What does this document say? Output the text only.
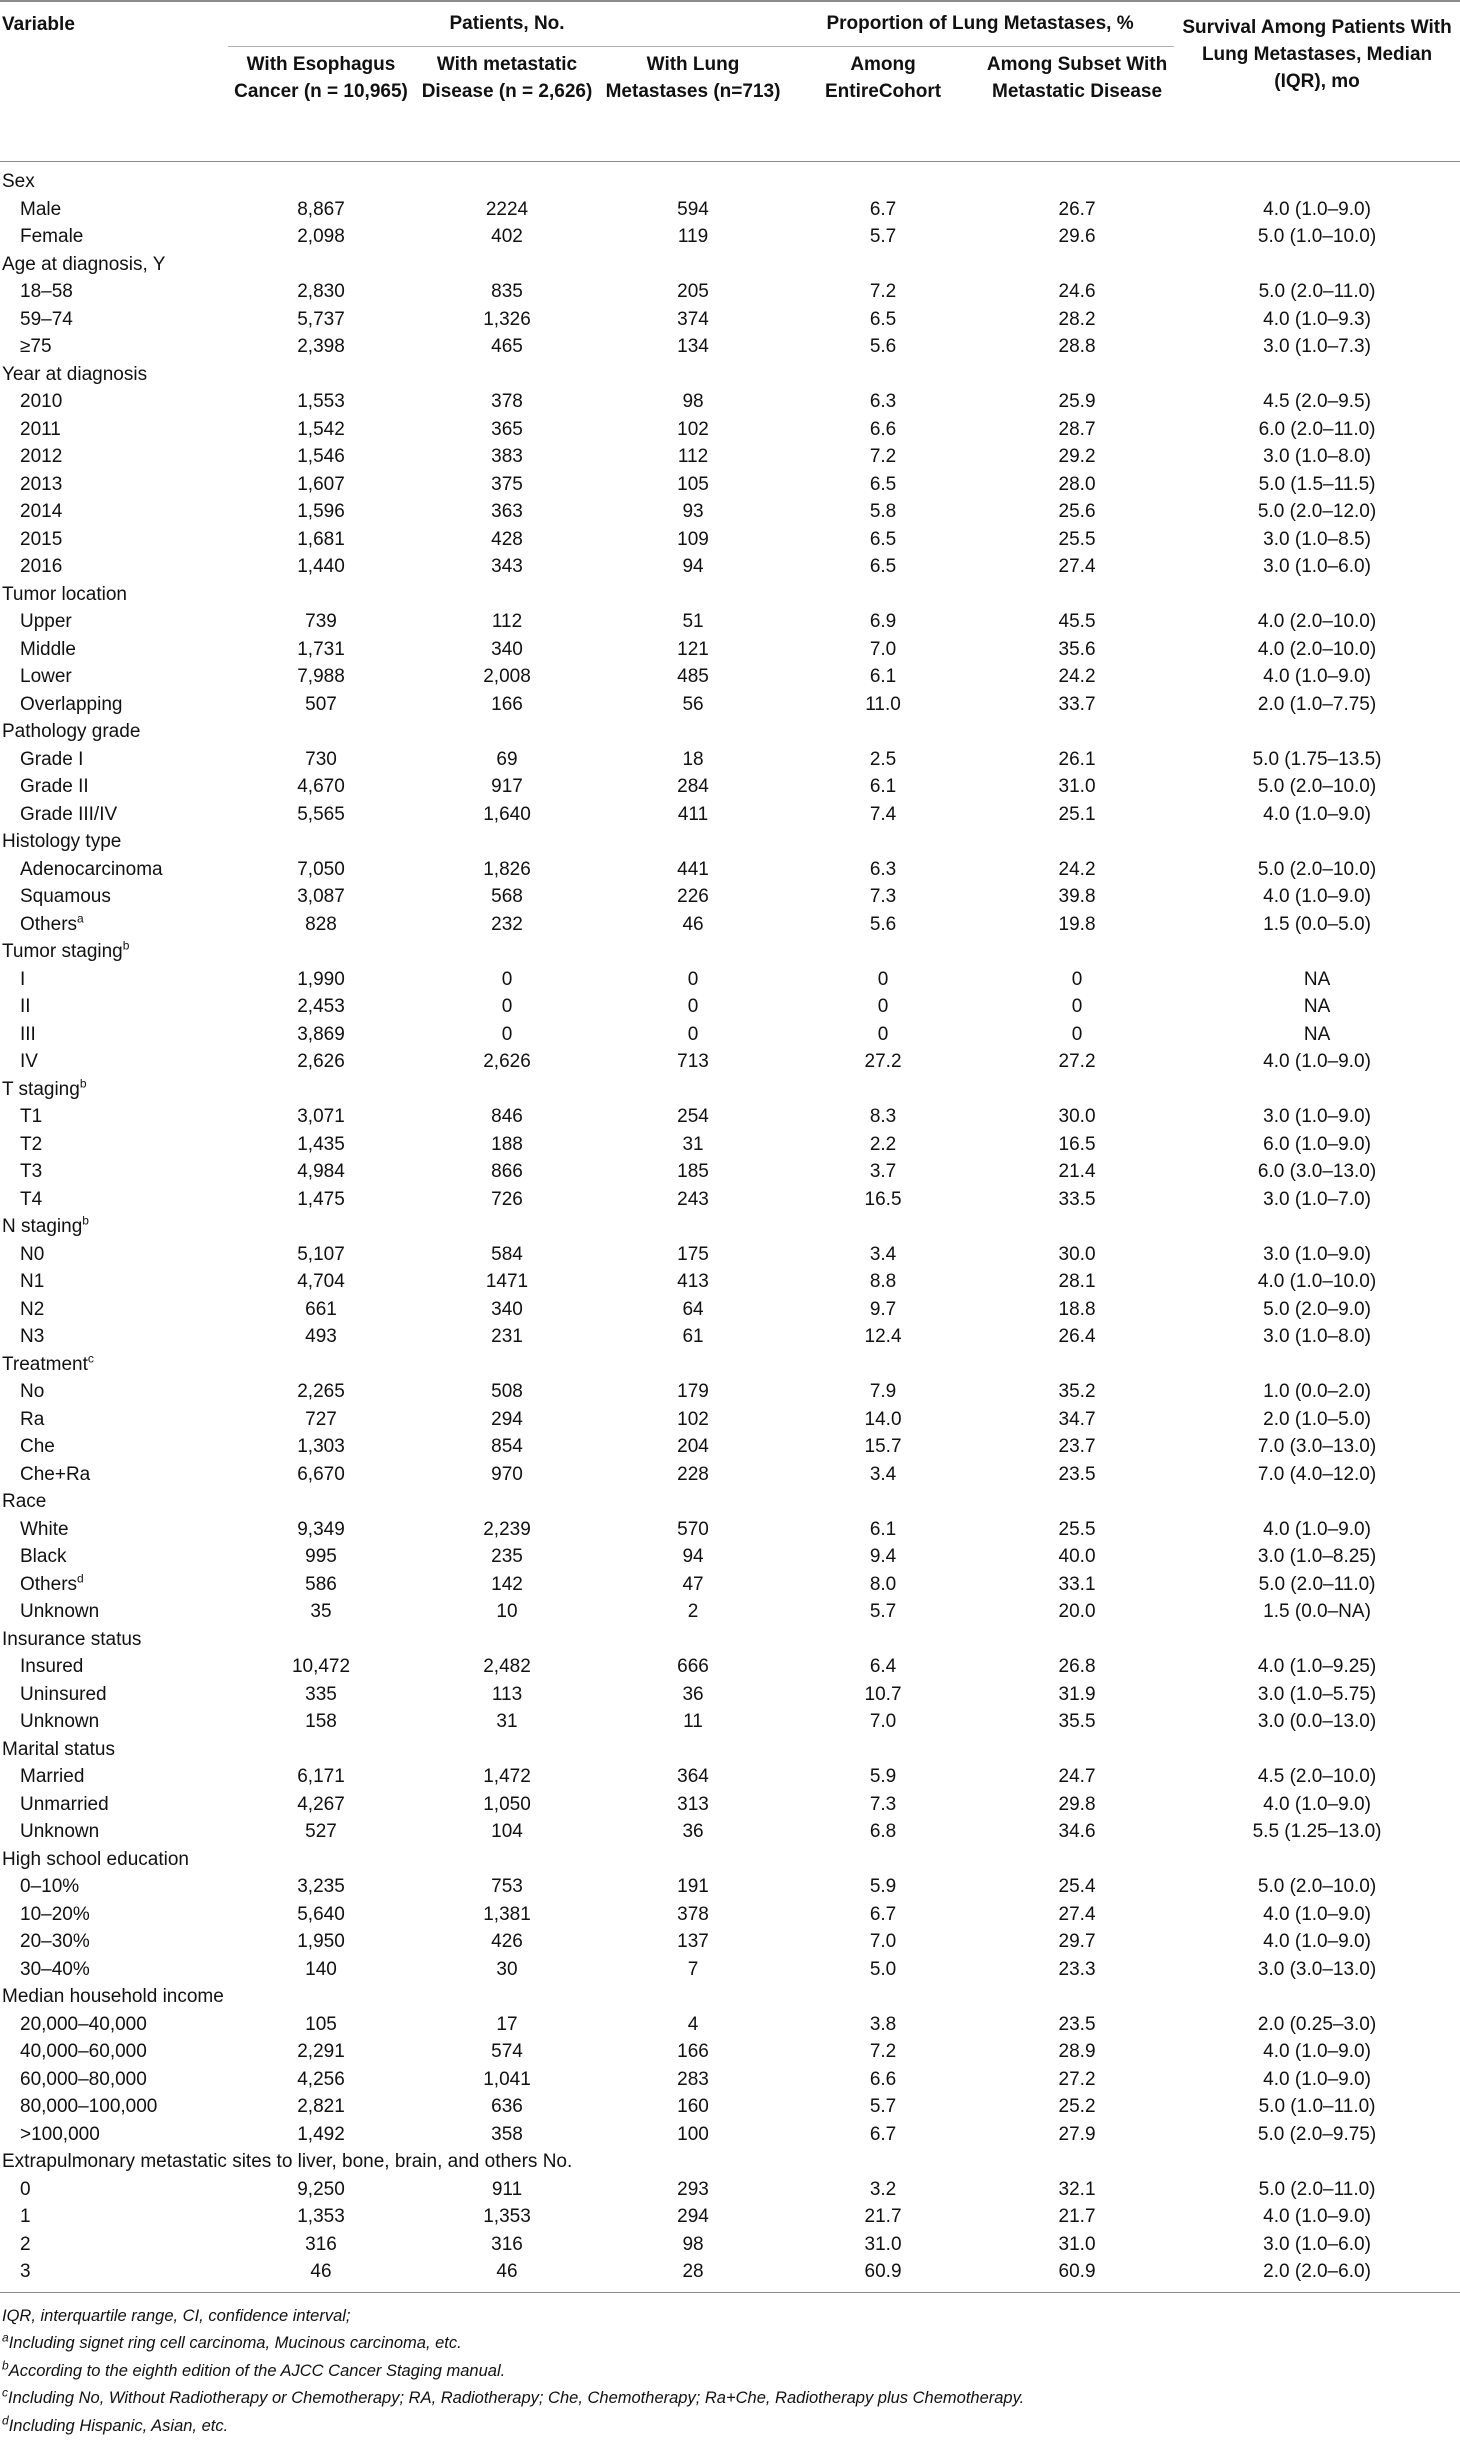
Variable	Patients, No.			Proportion of Lung Metastases, %		Survival Among Patients With Lung Metastases, Median (IQR), mo
	With Esophagus Cancer (n = 10,965)	With metastatic Disease (n = 2,626)	With Lung Metastases (n=713)	Among EntireCohort	Among Subset With Metastatic Disease	
Sex						
Male	8,867	2224	594	6.7	26.7	4.0 (1.0–9.0)
Female	2,098	402	119	5.7	29.6	5.0 (1.0–10.0)
Age at diagnosis, Y						
18–58	2,830	835	205	7.2	24.6	5.0 (2.0–11.0)
59–74	5,737	1,326	374	6.5	28.2	4.0 (1.0–9.3)
≥75	2,398	465	134	5.6	28.8	3.0 (1.0–7.3)
Year at diagnosis						
2010	1,553	378	98	6.3	25.9	4.5 (2.0–9.5)
2011	1,542	365	102	6.6	28.7	6.0 (2.0–11.0)
2012	1,546	383	112	7.2	29.2	3.0 (1.0–8.0)
2013	1,607	375	105	6.5	28.0	5.0 (1.5–11.5)
2014	1,596	363	93	5.8	25.6	5.0 (2.0–12.0)
2015	1,681	428	109	6.5	25.5	3.0 (1.0–8.5)
2016	1,440	343	94	6.5	27.4	3.0 (1.0–6.0)
Tumor location						
Upper	739	112	51	6.9	45.5	4.0 (2.0–10.0)
Middle	1,731	340	121	7.0	35.6	4.0 (2.0–10.0)
Lower	7,988	2,008	485	6.1	24.2	4.0 (1.0–9.0)
Overlapping	507	166	56	11.0	33.7	2.0 (1.0–7.75)
Pathology grade						
Grade I	730	69	18	2.5	26.1	5.0 (1.75–13.5)
Grade II	4,670	917	284	6.1	31.0	5.0 (2.0–10.0)
Grade III/IV	5,565	1,640	411	7.4	25.1	4.0 (1.0–9.0)
Histology type						
Adenocarcinoma	7,050	1,826	441	6.3	24.2	5.0 (2.0–10.0)
Squamous	3,087	568	226	7.3	39.8	4.0 (1.0–9.0)
Others$^a$	828	232	46	5.6	19.8	1.5 (0.0–5.0)
Tumor staging$^b$						
I	1,990	0	0	0	0	NA
II	2,453	0	0	0	0	NA
III	3,869	0	0	0	0	NA
IV	2,626	2,626	713	27.2	27.2	4.0 (1.0–9.0)
T staging$^b$						
T1	3,071	846	254	8.3	30.0	3.0 (1.0–9.0)
T2	1,435	188	31	2.2	16.5	6.0 (1.0–9.0)
T3	4,984	866	185	3.7	21.4	6.0 (3.0–13.0)
T4	1,475	726	243	16.5	33.5	3.0 (1.0–7.0)
N staging$^b$						
N0	5,107	584	175	3.4	30.0	3.0 (1.0–9.0)
N1	4,704	1471	413	8.8	28.1	4.0 (1.0–10.0)
N2	661	340	64	9.7	18.8	5.0 (2.0–9.0)
N3	493	231	61	12.4	26.4	3.0 (1.0–8.0)
Treatment$^c$						
No	2,265	508	179	7.9	35.2	1.0 (0.0–2.0)
Ra	727	294	102	14.0	34.7	2.0 (1.0–5.0)
Che	1,303	854	204	15.7	23.7	7.0 (3.0–13.0)
Che+Ra	6,670	970	228	3.4	23.5	7.0 (4.0–12.0)
Race						
White	9,349	2,239	570	6.1	25.5	4.0 (1.0–9.0)
Black	995	235	94	9.4	40.0	3.0 (1.0–8.25)
Others$^d$	586	142	47	8.0	33.1	5.0 (2.0–11.0)
Unknown	35	10	2	5.7	20.0	1.5 (0.0–NA)
Insurance status						
Insured	10,472	2,482	666	6.4	26.8	4.0 (1.0–9.25)
Uninsured	335	113	36	10.7	31.9	3.0 (1.0–5.75)
Unknown	158	31	11	7.0	35.5	3.0 (0.0–13.0)
Marital status						
Married	6,171	1,472	364	5.9	24.7	4.5 (2.0–10.0)
Unmarried	4,267	1,050	313	7.3	29.8	4.0 (1.0–9.0)
Unknown	527	104	36	6.8	34.6	5.5 (1.25–13.0)
High school education						
0–10%	3,235	753	191	5.9	25.4	5.0 (2.0–10.0)
10–20%	5,640	1,381	378	6.7	27.4	4.0 (1.0–9.0)
20–30%	1,950	426	137	7.0	29.7	4.0 (1.0–9.0)
30–40%	140	30	7	5.0	23.3	3.0 (3.0–13.0)
Median household income						
20,000–40,000	105	17	4	3.8	23.5	2.0 (0.25–3.0)
40,000–60,000	2,291	574	166	7.2	28.9	4.0 (1.0–9.0)
60,000–80,000	4,256	1,041	283	6.6	27.2	4.0 (1.0–9.0)
80,000–100,000	2,821	636	160	5.7	25.2	5.0 (1.0–11.0)
>100,000	1,492	358	100	6.7	27.9	5.0 (2.0–9.75)
Extrapulmonary metastatic sites to liver, bone, brain, and others No.						
0	9,250	911	293	3.2	32.1	5.0 (2.0–11.0)
1	1,353	1,353	294	21.7	21.7	4.0 (1.0–9.0)
2	316	316	98	31.0	31.0	3.0 (1.0–6.0)
3	46	46	28	60.9	60.9	2.0 (2.0–6.0)
IQR, interquartile range, CI, confidence interval;
$^a$Including signet ring cell carcinoma, Mucinous carcinoma, etc.
$^b$According to the eighth edition of the AJCC Cancer Staging manual.
$^c$Including No, Without Radiotherapy or Chemotherapy; RA, Radiotherapy; Che, Chemotherapy; Ra+Che, Radiotherapy plus Chemotherapy.
$^d$Including Hispanic, Asian, etc.
